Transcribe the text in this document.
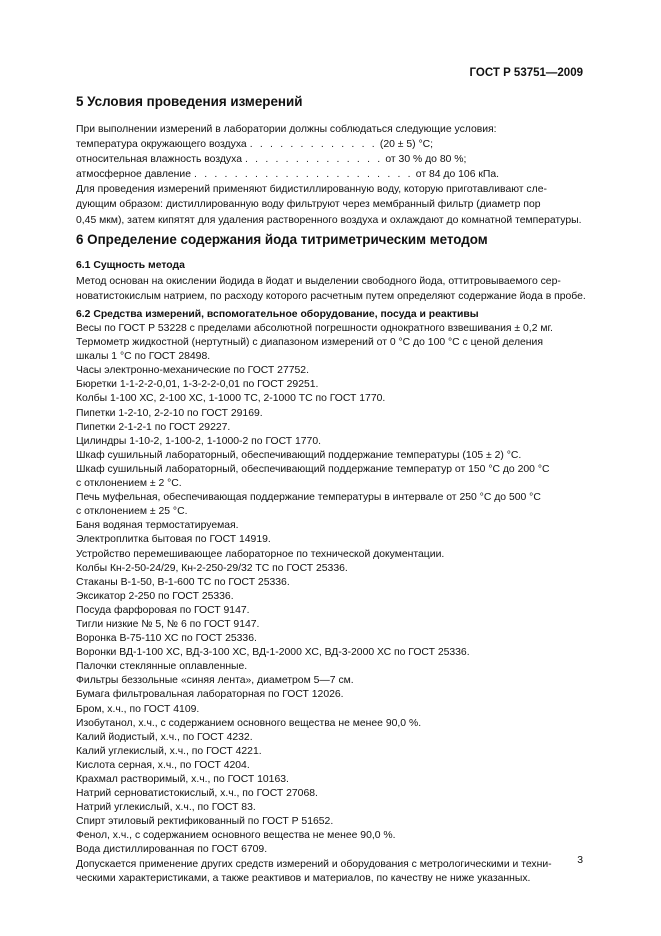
ГОСТ Р 53751—2009
5 Условия проведения измерений
При выполнении измерений в лаборатории должны соблюдаться следующие условия:
температура окружающего воздуха . . . . . . . . . . . . . (20 ± 5) °С;
относительная влажность воздуха . . . . . . . . . . . . . . от 30 % до 80 %;
атмосферное давление . . . . . . . . . . . . . . . . . . . . . . от 84 до 106 кПа.
Для проведения измерений применяют бидистиллированную воду, которую приготавливают сле-
дующим образом: дистиллированную воду фильтруют через мембранный фильтр (диаметр пор
0,45 мкм), затем кипятят для удаления растворенного воздуха и охлаждают до комнатной температуры.
6 Определение содержания йода титриметрическим методом
6.1 Сущность метода
Метод основан на окислении йодида в йодат и выделении свободного йода, оттитровываемого сер-
новатистокислым натрием, по расходу которого расчетным путем определяют содержание йода в пробе.
6.2 Средства измерений, вспомогательное оборудование, посуда и реактивы
Весы по ГОСТ Р 53228 с пределами абсолютной погрешности однократного взвешивания ± 0,2 мг.
Термометр жидкостной (нертутный) с диапазоном измерений от 0 °С до 100 °С с ценой деления
шкалы 1 °С по ГОСТ 28498.
Часы электронно-механические по ГОСТ 27752.
Бюретки 1-1-2-2-0,01, 1-3-2-2-0,01 по ГОСТ 29251.
Колбы 1-100 ХС, 2-100 ХС, 1-1000 ТС, 2-1000 ТС по ГОСТ 1770.
Пипетки 1-2-10, 2-2-10 по ГОСТ 29169.
Пипетки 2-1-2-1 по ГОСТ 29227.
Цилиндры 1-10-2, 1-100-2, 1-1000-2 по ГОСТ 1770.
Шкаф сушильный лабораторный, обеспечивающий поддержание температуры (105 ± 2) °С.
Шкаф сушильный лабораторный, обеспечивающий поддержание температур от 150 °С до 200 °С
с отклонением ± 2 °С.
Печь муфельная, обеспечивающая поддержание температуры в интервале от 250 °С до 500 °С
с отклонением ± 25 °С.
Баня водяная термостатируемая.
Электроплитка бытовая по ГОСТ 14919.
Устройство перемешивающее лабораторное по технической документации.
Колбы Кн-2-50-24/29, Кн-2-250-29/32 ТС по ГОСТ 25336.
Стаканы В-1-50, В-1-600 ТС по ГОСТ 25336.
Эксикатор 2-250 по ГОСТ 25336.
Посуда фарфоровая по ГОСТ 9147.
Тигли низкие № 5, № 6 по ГОСТ 9147.
Воронка В-75-110 ХС по ГОСТ 25336.
Воронки ВД-1-100 ХС, ВД-3-100 ХС, ВД-1-2000 ХС, ВД-3-2000 ХС по ГОСТ 25336.
Палочки стеклянные оплавленные.
Фильтры беззольные «синяя лента», диаметром 5—7 см.
Бумага фильтровальная лабораторная по ГОСТ 12026.
Бром, х.ч., по ГОСТ 4109.
Изобутанол, х.ч., с содержанием основного вещества не менее 90,0 %.
Калий йодистый, х.ч., по ГОСТ 4232.
Калий углекислый, х.ч., по ГОСТ 4221.
Кислота серная, х.ч., по ГОСТ 4204.
Крахмал растворимый, х.ч., по ГОСТ 10163.
Натрий серноватистокислый, х.ч., по ГОСТ 27068.
Натрий углекислый, х.ч., по ГОСТ 83.
Спирт этиловый ректификованный по ГОСТ Р 51652.
Фенол, х.ч., с содержанием основного вещества не менее 90,0 %.
Вода дистиллированная по ГОСТ 6709.
Допускается применение других средств измерений и оборудования с метрологическими и техни-
ческими характеристиками, а также реактивов и материалов, по качеству не ниже указанных.
3
